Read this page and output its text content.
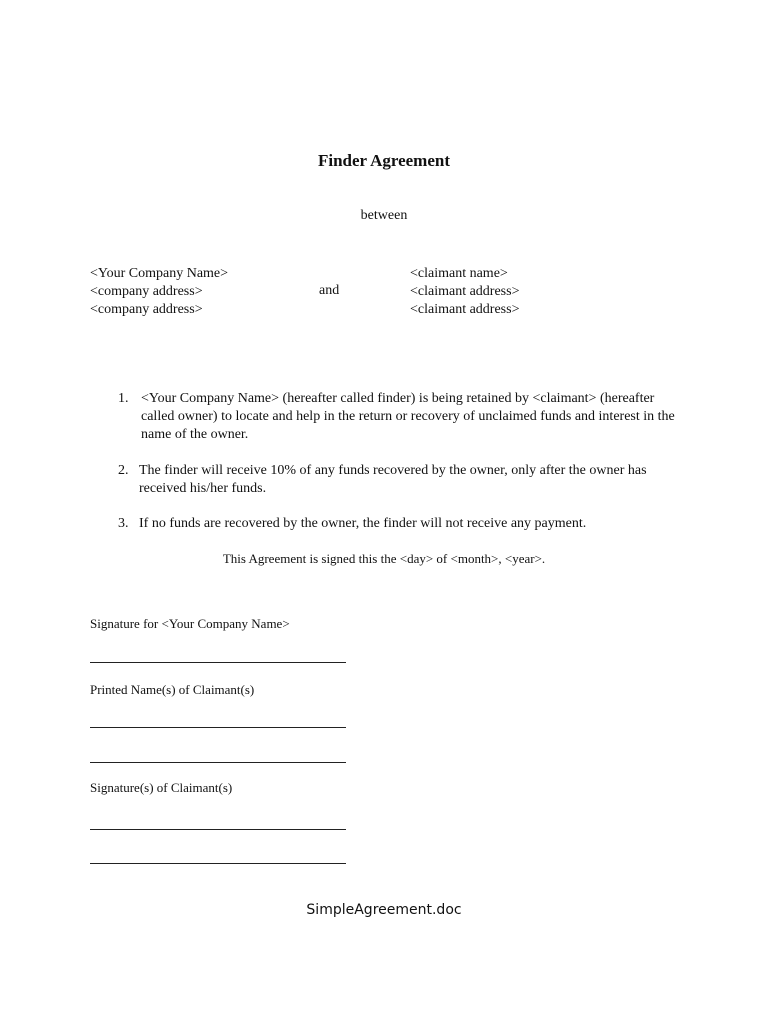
Finder Agreement
between
<Your Company Name>
<company address>
<company address>
and
<claimant name>
<claimant address>
<claimant address>
1. <Your Company Name> (hereafter called finder) is being retained by <claimant> (hereafter called owner) to locate and help in the return or recovery of unclaimed funds and interest in the name of the owner.
2. The finder will receive 10% of any funds recovered by the owner, only after the owner has received his/her funds.
3. If no funds are recovered by the owner, the finder will not receive any payment.
This Agreement is signed this the <day> of <month>, <year>.
Signature for <Your Company Name>
Printed Name(s) of Claimant(s)
Signature(s) of Claimant(s)
SimpleAgreement.doc
